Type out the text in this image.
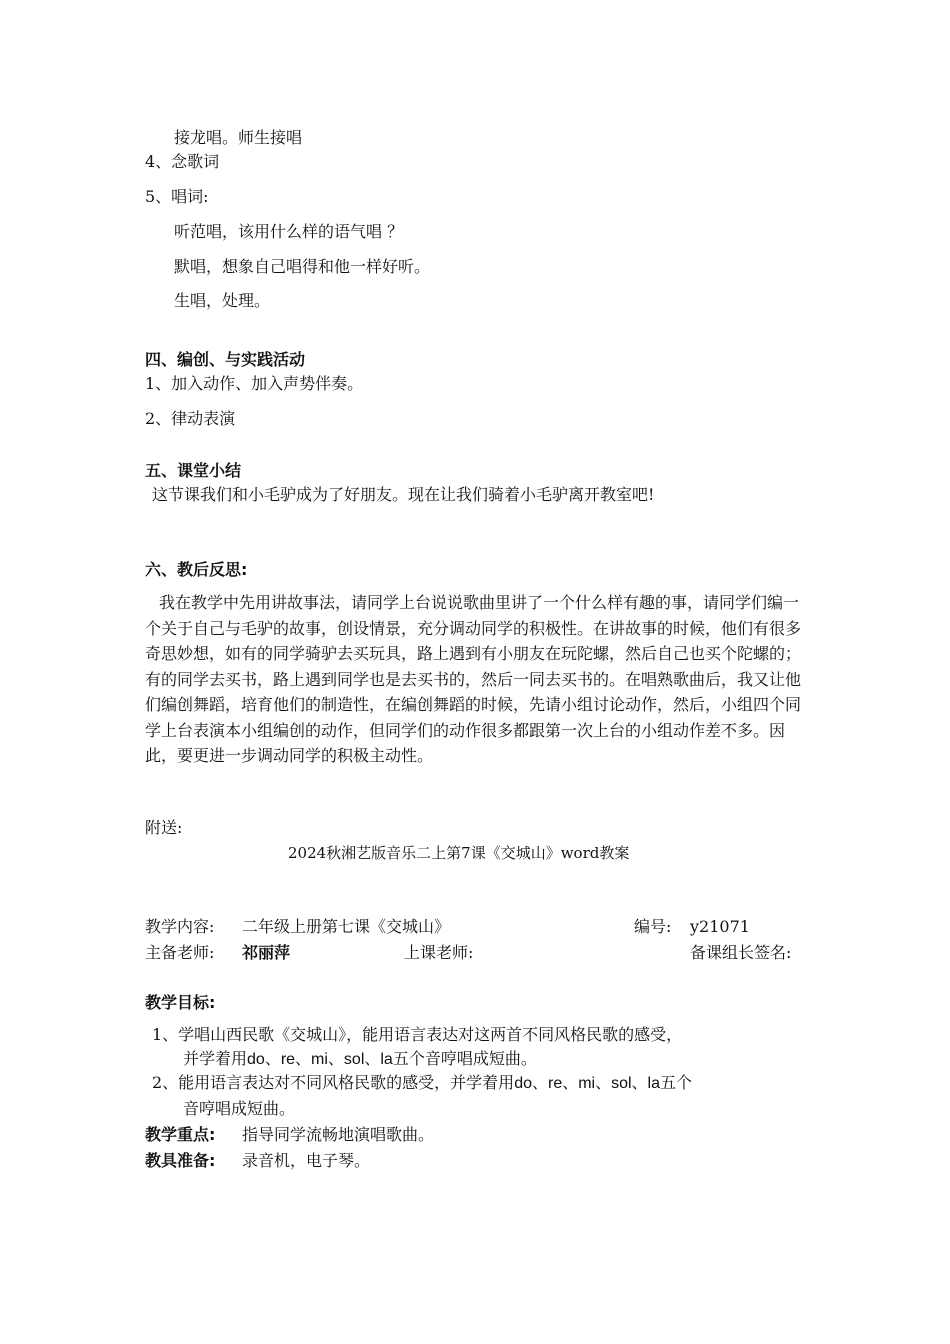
接龙唱。师生接唱
4、念歌词
5、唱词:
听范唱，该用什么样的语气唱 ？
默唱，想象自己唱得和他一样好听。
生唱，处理。
四、编创、与实践活动
1、加入动作、加入声势伴奏。
2、律动表演
五、课堂小结
这节课我们和小毛驴成为了好朋友。现在让我们骑着小毛驴离开教室吧!
六、教后反思:
我在教学中先用讲故事法，请同学上台说说歌曲里讲了一个什么样有趣的事，请同学们编一个关于自己与毛驴的故事，创设情景，充分调动同学的积极性。在讲故事的时候，他们有很多奇思妙想，如有的同学骑驴去买玩具，路上遇到有小朋友在玩陀螺，然后自己也买个陀螺的；有的同学去买书，路上遇到同学也是去买书的，然后一同去买书的。在唱熟歌曲后，我又让他们编创舞蹈，培育他们的制造性，在编创舞蹈的时候，先请小组讨论动作，然后，小组四个同学上台表演本小组编创的动作，但同学们的动作很多都跟第一次上台的小组动作差不多。因此，要更进一步调动同学的积极主动性。
附送:
2024秋湘艺版音乐二上第7课《交城山》word教案
教学内容: 二年级上册第七课《交城山》	编号: y21071
主备老师: 祁丽萍	上课老师:	备课组长签名:
教学目标:
1、学唱山西民歌《交城山》，能用语言表达对这两首不同风格民歌的感受，
并学着用do、re、mi、sol、la五个音哼唱成短曲。
2、能用语言表达对不同风格民歌的感受，并学着用do、re、mi、sol、la五个
音哼唱成短曲。
教学重点: 指导同学流畅地演唱歌曲。
教具准备: 录音机，电子琴。
